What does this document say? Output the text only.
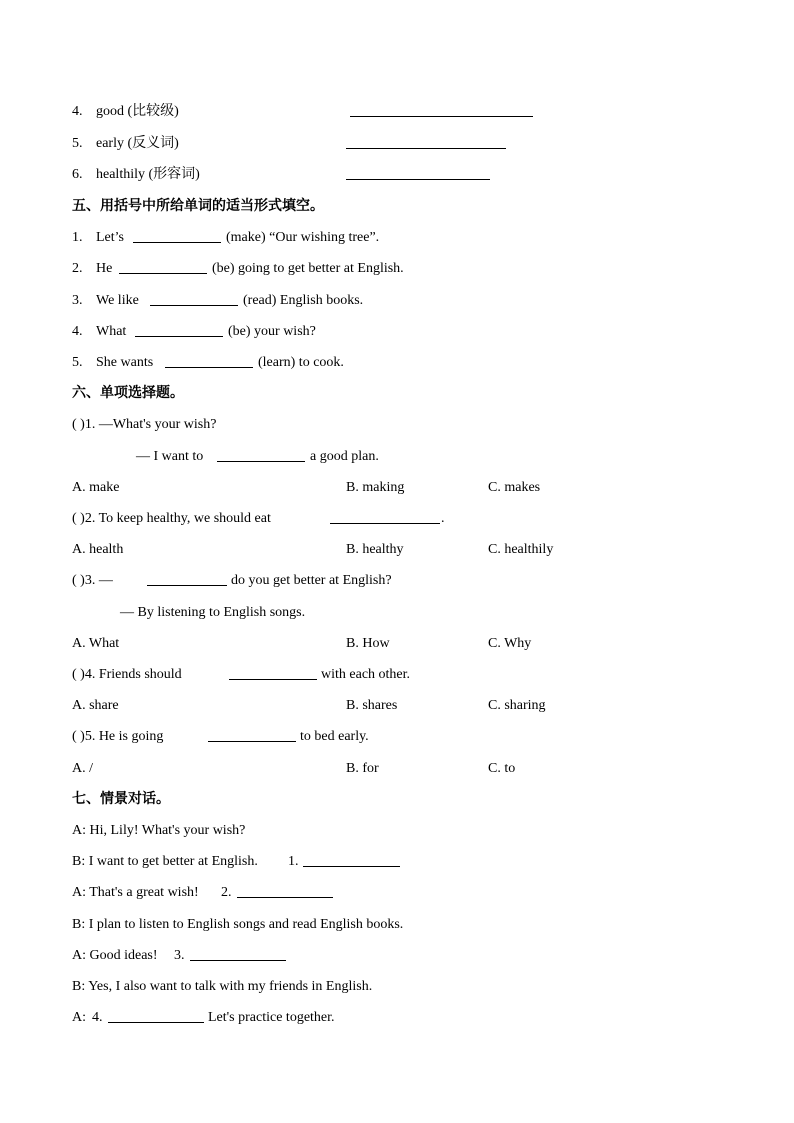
4. good (比较级)
5. early (反义词)
6. healthily (形容词)
五、用括号中所给单词的适当形式填空。
1. Let’s	(make) “Our wishing tree”.
2. He	(be) going to get better at English.
3. We like	(read) English books.
4. What	(be) your wish?
5. She wants	(learn) to cook.
六、单项选择题。
( )1. —What's your wish?
— I want to	a good plan.
A. make	B. making	C. makes
( )2. To keep healthy, we should eat	.
A. health	B. healthy	C. healthily
( )3. —	do you get better at English?
— By listening to English songs.
A. What	B. How	C. Why
( )4. Friends should	with each other.
A. share	B. shares	C. sharing
( )5. He is going	to bed early.
A. /	B. for	C. to
七、情景对话。
A: Hi, Lily! What's your wish?
B: I want to get better at English. 1.
A: That's a great wish! 2.
B: I plan to listen to English songs and read English books.
A: Good ideas! 3.
B: Yes, I also want to talk with my friends in English.
A: 4.	Let's practice together.
